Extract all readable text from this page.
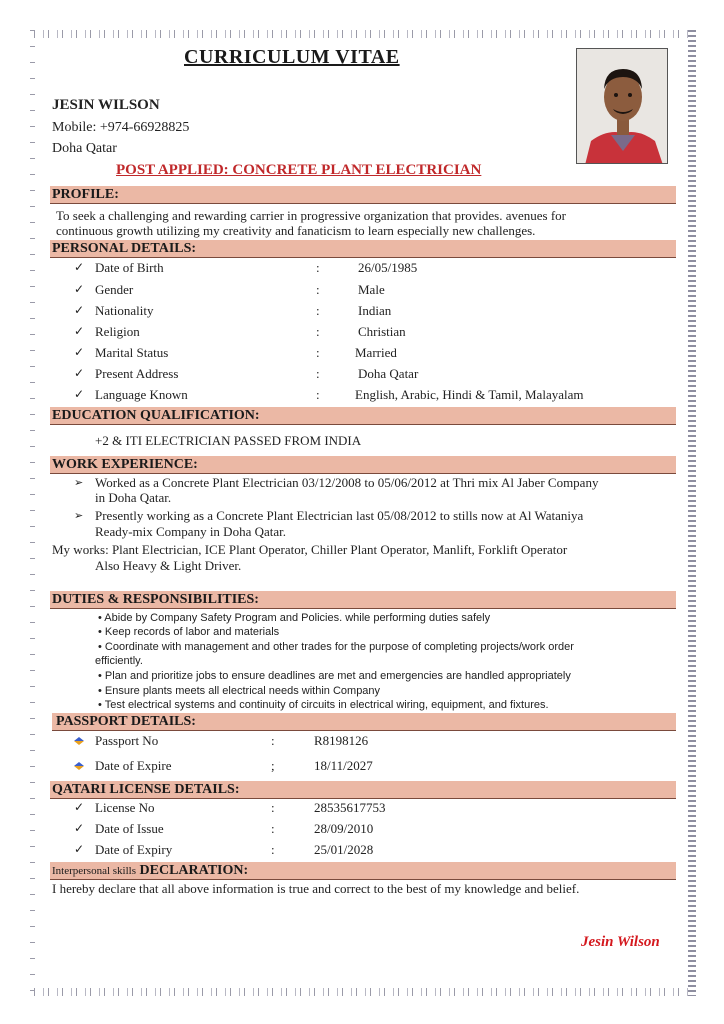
CURRICULUM VITAE
JESIN WILSON
Mobile: +974-66928825
Doha Qatar
POST APPLIED: CONCRETE PLANT ELECTRICIAN
PROFILE:
To seek a challenging and rewarding carrier in progressive organization that provides. avenues for
continuous growth utilizing my creativity and fanaticism to learn especially new challenges.
PERSONAL DETAILS:
✓ Date of Birth	:	26/05/1985
✓ Gender	:	Male
✓ Nationality	:	Indian
✓ Religion	:	Christian
✓ Marital Status	:	Married
✓ Present Address	:	Doha Qatar
✓ Language Known	:	English, Arabic, Hindi & Tamil, Malayalam
EDUCATION QUALIFICATION:
+2 & ITI ELECTRICIAN PASSED FROM INDIA
WORK EXPERIENCE:
➢ Worked as a Concrete Plant Electrician 03/12/2008 to 05/06/2012 at Thri mix Al Jaber Company
in Doha Qatar.
➢ Presently working as a Concrete Plant Electrician last 05/08/2012 to stills now at Al Wataniya
Ready-mix Company in Doha Qatar.
My works: Plant Electrician, ICE Plant Operator, Chiller Plant Operator, Manlift, Forklift Operator
Also Heavy & Light Driver.
DUTIES & RESPONSIBILITIES:
• Abide by Company Safety Program and Policies. while performing duties safely
• Keep records of labor and materials
• Coordinate with management and other trades for the purpose of completing projects/work order
efficiently.
• Plan and prioritize jobs to ensure deadlines are met and emergencies are handled appropriately
• Ensure plants meets all electrical needs within Company
• Test electrical systems and continuity of circuits in electrical wiring, equipment, and fixtures.
PASSPORT DETAILS:
Passport No	:	R8198126
Date of Expire	;	18/11/2027
QATARI LICENSE DETAILS:
✓ License No	:	28535617753
✓ Date of Issue	:	28/09/2010
✓ Date of Expiry	:	25/01/2028
Interpersonal skills DECLARATION:
I hereby declare that all above information is true and correct to the best of my knowledge and belief.
Jesin Wilson
